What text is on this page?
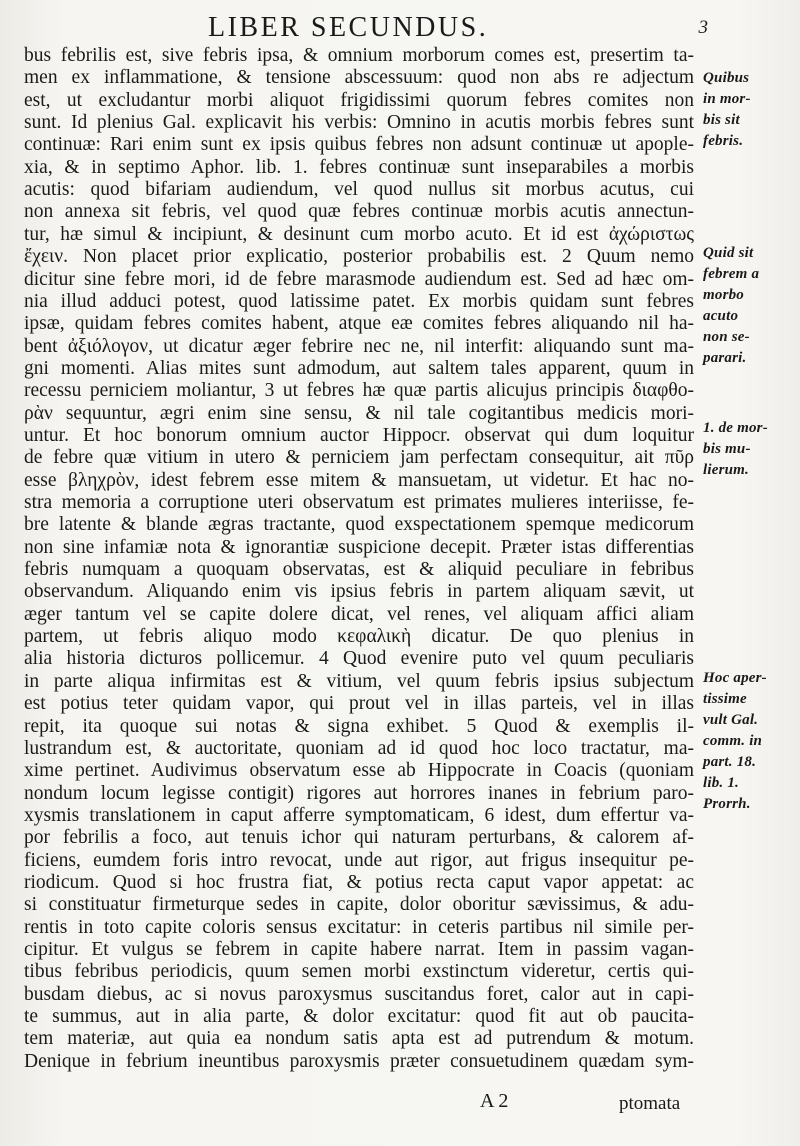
LIBER SECUNDUS.	3
bus febrilis est, sive febris ipsa, & omnium morborum comes est, presertim ta-
men ex inflammatione, & tensione abscessuum: quod non abs re adjectum
est, ut excludantur morbi aliquot frigidissimi quorum febres comites non
sunt. Id plenius Gal. explicavit his verbis: Omnino in acutis morbis febres sunt
continuæ: Rari enim sunt ex ipsis quibus febres non adsunt continuæ ut apople-
xia, & in septimo Aphor. lib. 1. febres continuæ sunt inseparabiles a morbis
acutis: quod bifariam audiendum, vel quod nullus sit morbus acutus, cui
non annexa sit febris, vel quod quæ febres continuæ morbis acutis annectun-
tur, hæ simul & incipiunt, & desinunt cum morbo acuto. Et id est ἀχώριστως
ἔχειν. Non placet prior explicatio, posterior probabilis est. 2 Quum nemo
dicitur sine febre mori, id de febre marasmode audiendum est. Sed ad hæc om-
nia illud adduci potest, quod latissime patet. Ex morbis quidam sunt febres
ipsæ, quidam febres comites habent, atque eæ comites febres aliquando nil ha-
bent ἀξιόλογον, ut dicatur æger febrire nec ne, nil interfit: aliquando sunt ma-
gni momenti. Alias mites sunt admodum, aut saltem tales apparent, quum in
recessu perniciem moliantur, 3 ut febres hæ quæ partis alicujus principis διαφθο-
ρὰν sequuntur, ægri enim sine sensu, & nil tale cogitantibus medicis mori-
untur. Et hoc bonorum omnium auctor Hippocr. observat qui dum loquitur
de febre quæ vitium in utero & perniciem jam perfectam consequitur, ait πῦρ
esse βληχρὸν, idest febrem esse mitem & mansuetam, ut videtur. Et hac no-
stra memoria a corruptione uteri observatum est primates mulieres interiisse, fe-
bre latente & blande ægras tractante, quod exspectationem spemque medicorum
non sine infamiæ nota & ignorantiæ suspicione decepit. Præter istas differentias
febris numquam a quoquam observatas, est & aliquid peculiare in febribus
observandum. Aliquando enim vis ipsius febris in partem aliquam sævit, ut
æger tantum vel se capite dolere dicat, vel renes, vel aliquam affici aliam
partem, ut febris aliquo modo κεφαλικὴ dicatur. De quo plenius in
alia historia dicturos pollicemur. 4 Quod evenire puto vel quum peculiaris
in parte aliqua infirmitas est & vitium, vel quum febris ipsius subjectum
est potius teter quidam vapor, qui prout vel in illas parteis, vel in illas
repit, ita quoque sui notas & signa exhibet. 5 Quod & exemplis il-
lustrandum est, & auctoritate, quoniam ad id quod hoc loco tractatur, ma-
xime pertinet. Audivimus observatum esse ab Hippocrate in Coacis (quoniam
nondum locum legisse contigit) rigores aut horrores inanes in febrium paro-
xysmis translationem in caput afferre symptomaticam, 6 idest, dum effertur va-
por febrilis a foco, aut tenuis ichor qui naturam perturbans, & calorem af-
ficiens, eumdem foris intro revocat, unde aut rigor, aut frigus insequitur pe-
riodicum. Quod si hoc frustra fiat, & potius recta caput vapor appetat: ac
si constituatur firmeturque sedes in capite, dolor oboritur sævissimus, & adu-
rentis in toto capite coloris sensus excitatur: in ceteris partibus nil simile per-
cipitur. Et vulgus se febrem in capite habere narrat. Item in passim vagan-
tibus febribus periodicis, quum semen morbi exstinctum videretur, certis qui-
busdam diebus, ac si novus paroxysmus suscitandus foret, calor aut in capi-
te summus, aut in alia parte, & dolor excitatur: quod fit aut ob paucita-
tem materiæ, aut quia ea nondum satis apta est ad putrendum & motum.
Denique in febrium ineuntibus paroxysmis præter consuetudinem quædam sym-
Quibus
in mor-
bis sit
febris.
Quid sit
febrem a
morbo
acuto
non se-
parari.
1. de mor-
bis mu-
lierum.
Hoc aper-
tissime
vult Gal.
comm. in
part. 18.
lib. 1.
Prorrh.
A 2	ptomata
